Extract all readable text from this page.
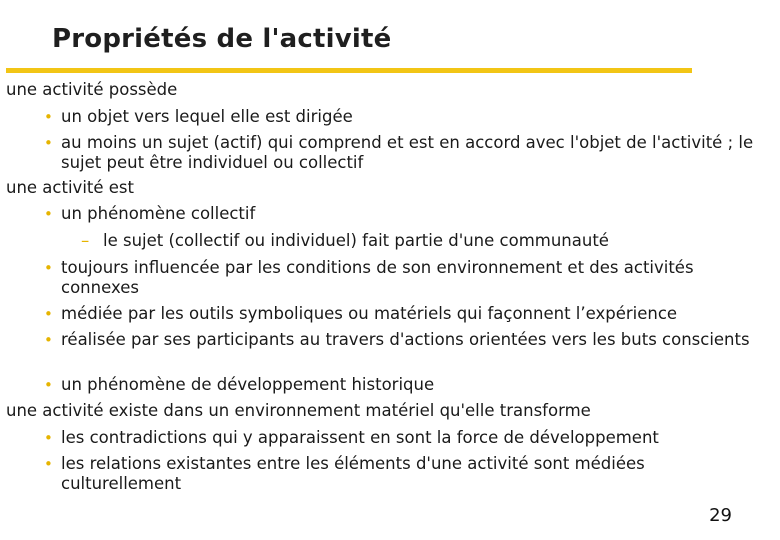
Propriétés de l'activité
une activité possède
• un objet vers lequel elle est dirigée
• au moins un sujet (actif) qui comprend et est en accord avec l'objet de l'activité ; le sujet peut être individuel ou collectif
une activité est
• un phénomène collectif
– le sujet (collectif ou individuel) fait partie d'une communauté
• toujours influencée par les conditions de son environnement et des activités connexes
• médiée par les outils symboliques ou matériels qui façonnent l’expérience
• réalisée par ses participants au travers d'actions orientées vers les buts conscients
• un phénomène de développement historique
une activité existe dans un environnement matériel qu'elle transforme
• les contradictions qui y apparaissent en sont la force de développement
• les relations existantes entre les éléments d'une activité sont médiées culturellement
29
